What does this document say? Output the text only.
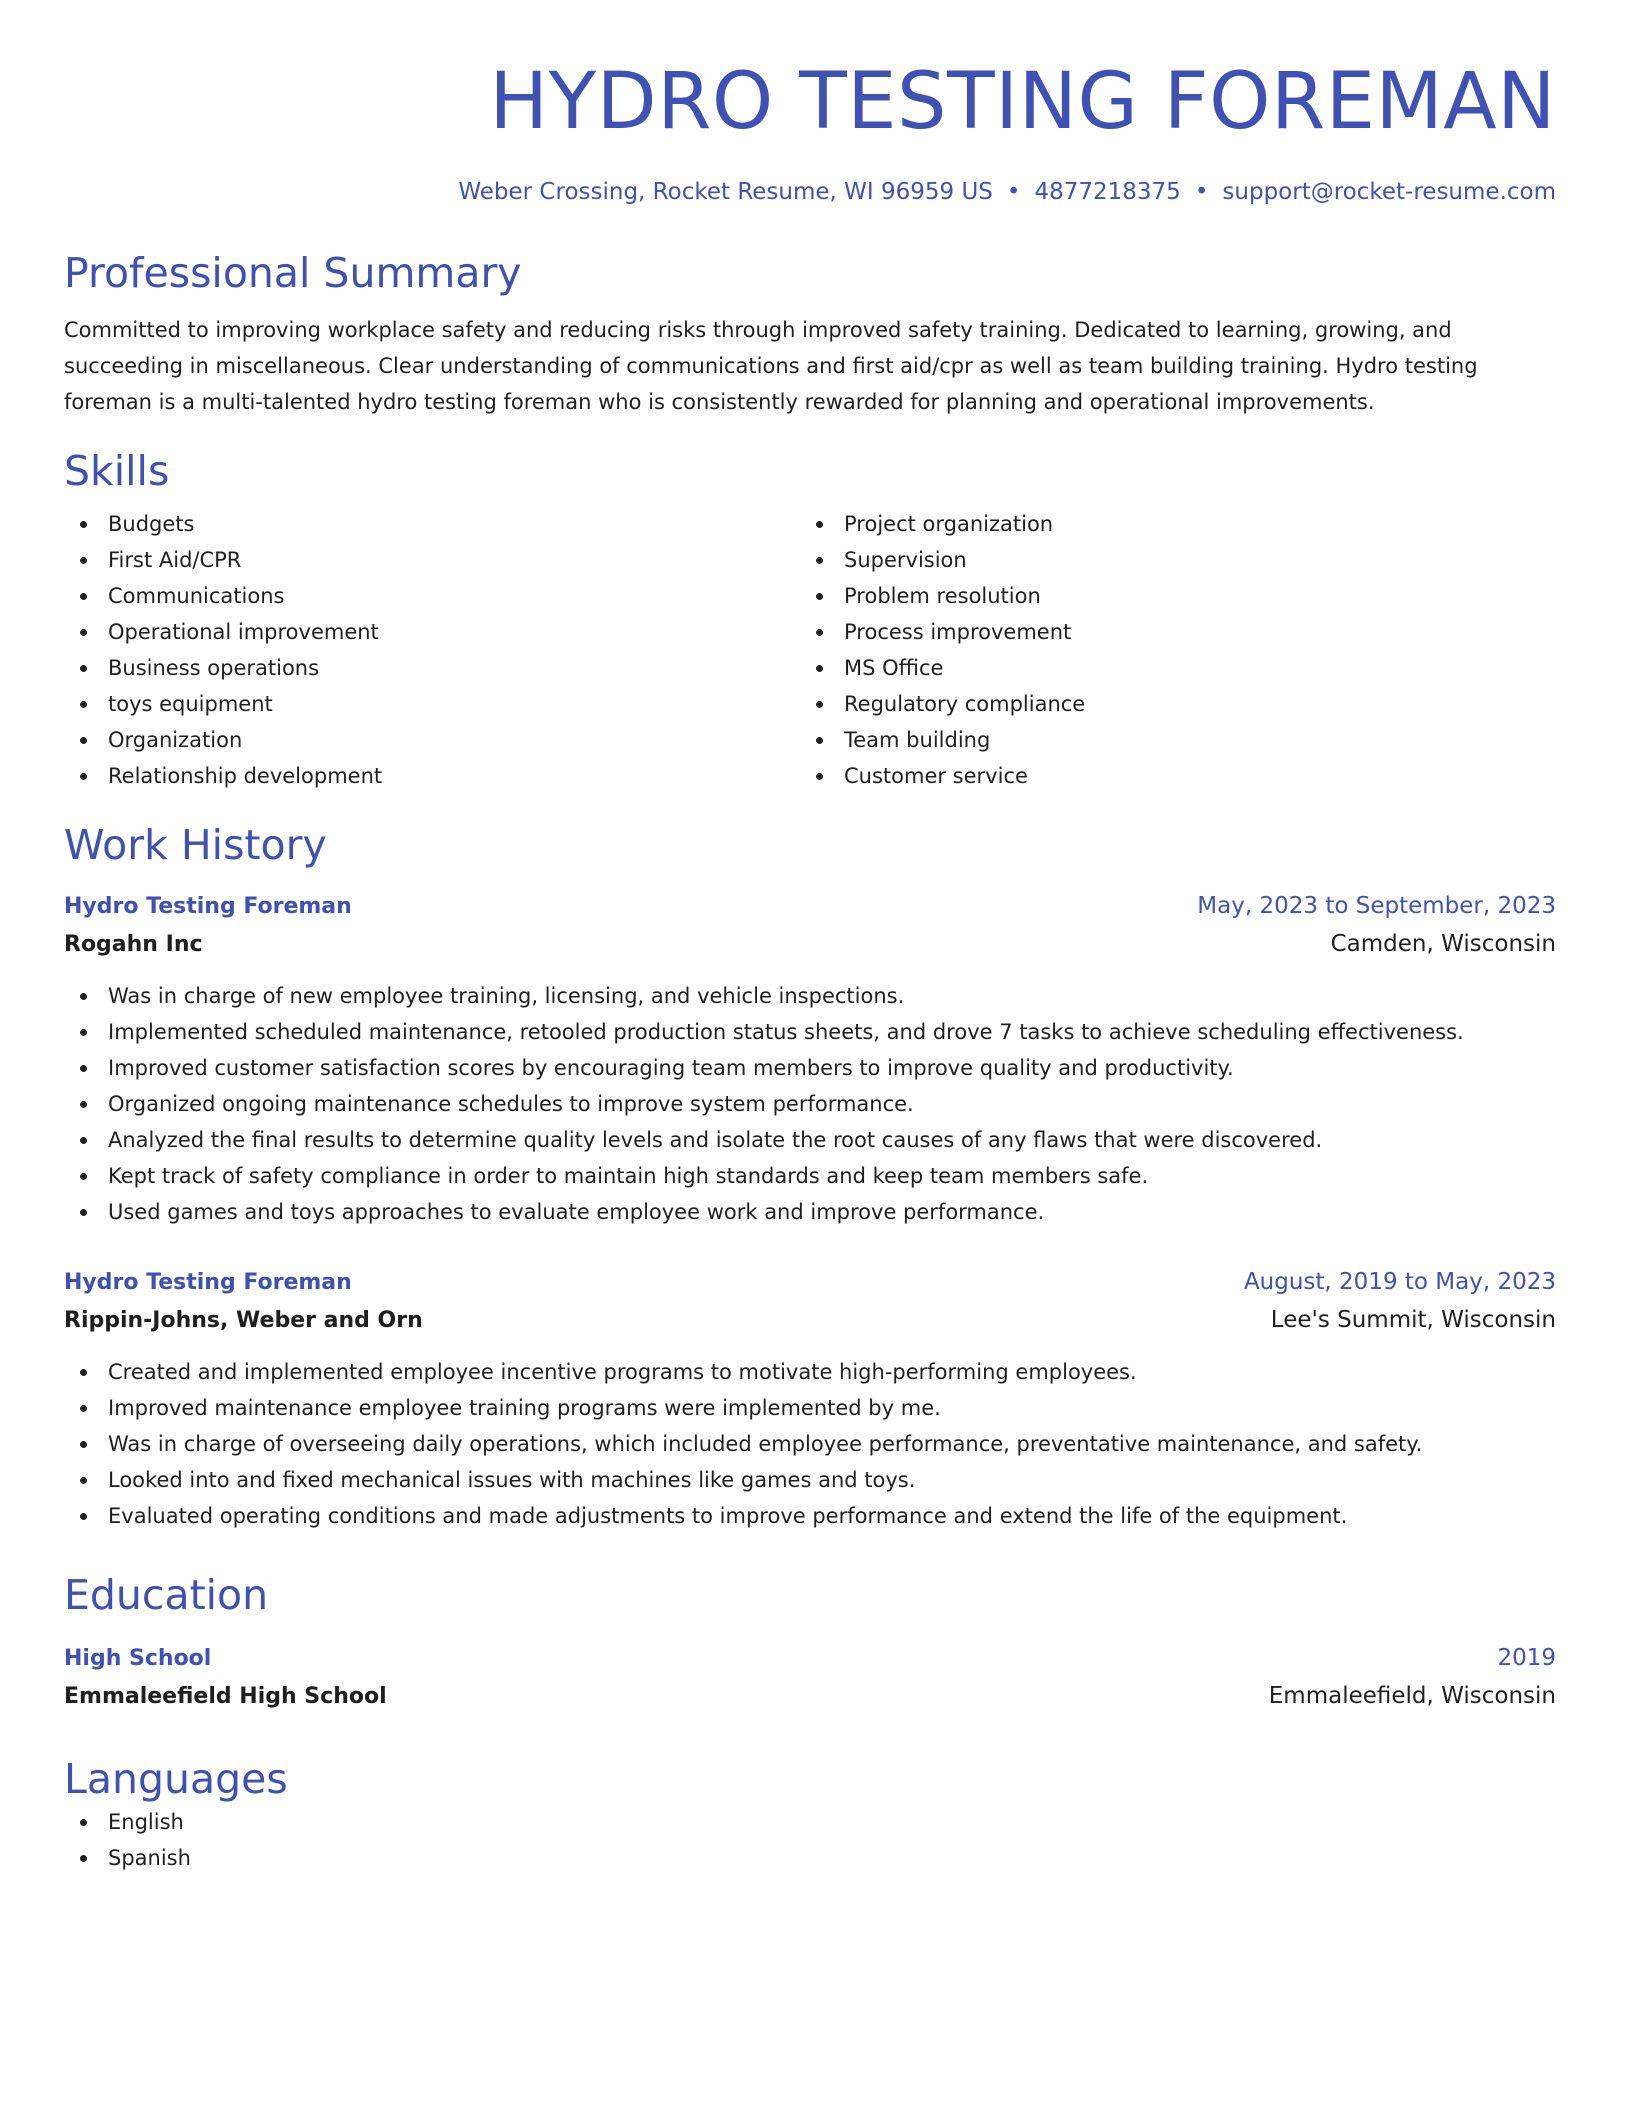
HYDRO TESTING FOREMAN
Weber Crossing, Rocket Resume, WI 96959 US • 4877218375 • support@rocket-resume.com
Professional Summary

Committed to improving workplace safety and reducing risks through improved safety training. Dedicated to learning, growing, and succeeding in miscellaneous. Clear understanding of communications and first aid/cpr as well as team building training. Hydro testing foreman is a multi-talented hydro testing foreman who is consistently rewarded for planning and operational improvements.

Skills
Budgets
First Aid/CPR
Communications
Operational improvement
Business operations
toys equipment
Organization
Relationship development
Project organization
Supervision
Problem resolution
Process improvement
MS Office
Regulatory compliance
Team building
Customer service
Work History
Hydro Testing Foreman	May, 2023 to September, 2023
Rogahn Inc	Camden, Wisconsin
Was in charge of new employee training, licensing, and vehicle inspections.
Implemented scheduled maintenance, retooled production status sheets, and drove 7 tasks to achieve scheduling effectiveness.
Improved customer satisfaction scores by encouraging team members to improve quality and productivity.
Organized ongoing maintenance schedules to improve system performance.
Analyzed the final results to determine quality levels and isolate the root causes of any flaws that were discovered.
Kept track of safety compliance in order to maintain high standards and keep team members safe.
Used games and toys approaches to evaluate employee work and improve performance.
Hydro Testing Foreman	August, 2019 to May, 2023
Rippin-Johns, Weber and Orn	Lee's Summit, Wisconsin
Created and implemented employee incentive programs to motivate high-performing employees.
Improved maintenance employee training programs were implemented by me.
Was in charge of overseeing daily operations, which included employee performance, preventative maintenance, and safety.
Looked into and fixed mechanical issues with machines like games and toys.
Evaluated operating conditions and made adjustments to improve performance and extend the life of the equipment.
Education
High School	2019
Emmaleefield High School	Emmaleefield, Wisconsin
Languages
English
Spanish
